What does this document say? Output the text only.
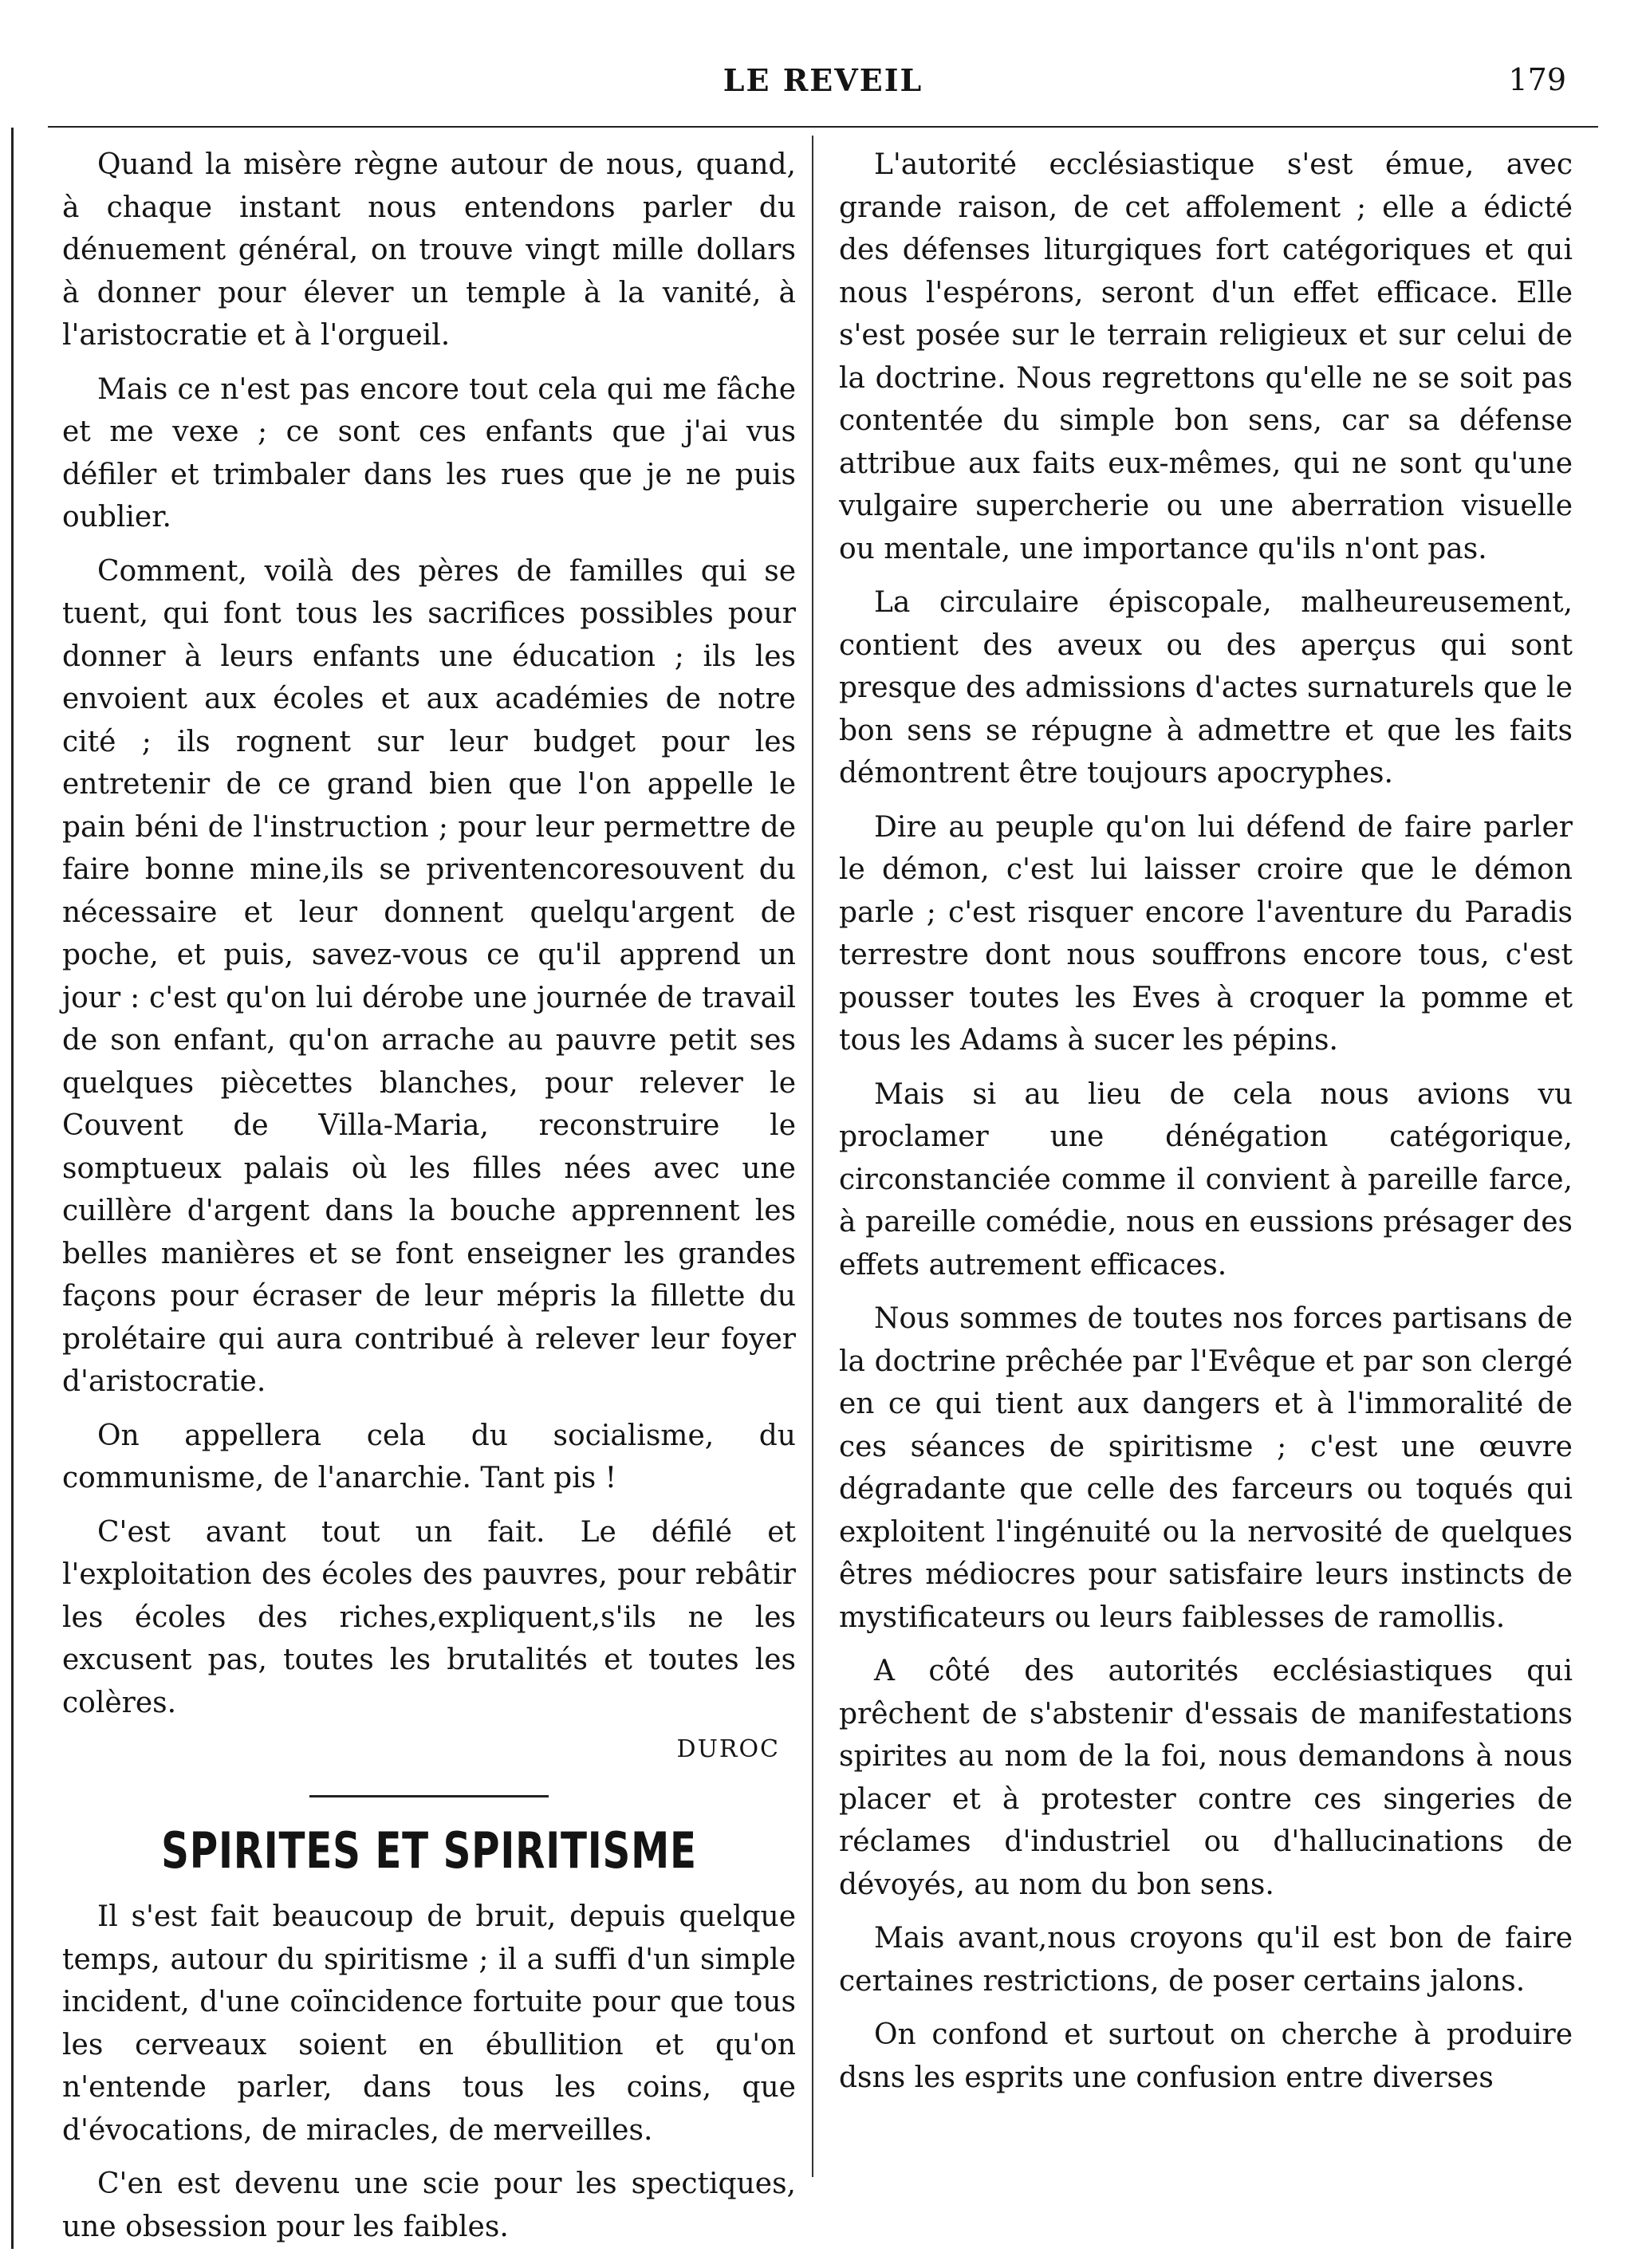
LE REVEIL	179

Quand la misère règne autour de nous, quand, à chaque instant nous entendons parler du dénuement général, on trouve vingt mille dollars à donner pour élever un temple à la vanité, à l'aristocratie et à l'orgueil.

Mais ce n'est pas encore tout cela qui me fâche et me vexe ; ce sont ces enfants que j'ai vus défiler et trimbaler dans les rues que je ne puis oublier.

Comment, voilà des pères de familles qui se tuent, qui font tous les sacrifices possibles pour donner à leurs enfants une éducation ; ils les envoient aux écoles et aux académies de notre cité ; ils rognent sur leur budget pour les entretenir de ce grand bien que l'on appelle le pain béni de l'instruction ; pour leur permettre de faire bonne mine,ils se priventencoresouvent du nécessaire et leur donnent quelqu'argent de poche, et puis, savez-vous ce qu'il apprend un jour : c'est qu'on lui dérobe une journée de travail de son enfant, qu'on arrache au pauvre petit ses quelques piècettes blanches, pour relever le Couvent de Villa-Maria, reconstruire le somptueux palais où les filles nées avec une cuillère d'argent dans la bouche apprennent les belles manières et se font enseigner les grandes façons pour écraser de leur mépris la fillette du prolétaire qui aura contribué à relever leur foyer d'aristocratie.

On appellera cela du socialisme, du communisme, de l'anarchie. Tant pis !

C'est avant tout un fait. Le défilé et l'exploitation des écoles des pauvres, pour rebâtir les écoles des riches,expliquent,s'ils ne les excusent pas, toutes les brutalités et toutes les colères.

DUROC
SPIRITES ET SPIRITISME

Il s'est fait beaucoup de bruit, depuis quelque temps, autour du spiritisme ; il a suffi d'un simple incident, d'une coïncidence fortuite pour que tous les cerveaux soient en ébullition et qu'on n'entende parler, dans tous les coins, que d'évocations, de miracles, de merveilles.

C'en est devenu une scie pour les spectiques, une obsession pour les faibles.

L'autorité ecclésiastique s'est émue, avec grande raison, de cet affolement ; elle a édicté des défenses liturgiques fort catégoriques et qui nous l'espérons, seront d'un effet efficace. Elle s'est posée sur le terrain religieux et sur celui de la doctrine. Nous regrettons qu'elle ne se soit pas contentée du simple bon sens, car sa défense attribue aux faits eux-mêmes, qui ne sont qu'une vulgaire supercherie ou une aberration visuelle ou mentale, une importance qu'ils n'ont pas.

La circulaire épiscopale, malheureusement, contient des aveux ou des aperçus qui sont presque des admissions d'actes surnaturels que le bon sens se répugne à admettre et que les faits démontrent être toujours apocryphes.

Dire au peuple qu'on lui défend de faire parler le démon, c'est lui laisser croire que le démon parle ; c'est risquer encore l'aventure du Paradis terrestre dont nous souffrons encore tous, c'est pousser toutes les Eves à croquer la pomme et tous les Adams à sucer les pépins.

Mais si au lieu de cela nous avions vu proclamer une dénégation catégorique, circonstanciée comme il convient à pareille farce, à pareille comédie, nous en eussions présager des effets autrement efficaces.

Nous sommes de toutes nos forces partisans de la doctrine prêchée par l'Evêque et par son clergé en ce qui tient aux dangers et à l'immoralité de ces séances de spiritisme ; c'est une œuvre dégradante que celle des farceurs ou toqués qui exploitent l'ingénuité ou la nervosité de quelques êtres médiocres pour satisfaire leurs instincts de mystificateurs ou leurs faiblesses de ramollis.

A côté des autorités ecclésiastiques qui prêchent de s'abstenir d'essais de manifestations spirites au nom de la foi, nous demandons à nous placer et à protester contre ces singeries de réclames d'industriel ou d'hallucinations de dévoyés, au nom du bon sens.

Mais avant,nous croyons qu'il est bon de faire certaines restrictions, de poser certains jalons.

On confond et surtout on cherche à produire dsns les esprits une confusion entre diverses
